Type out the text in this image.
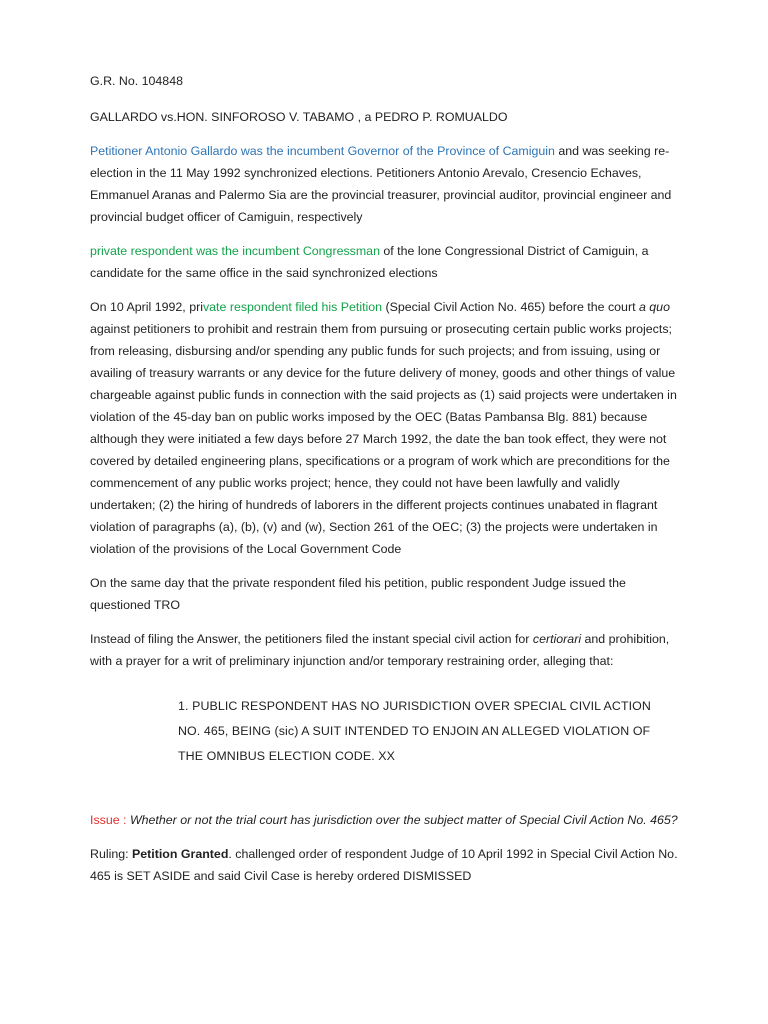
G.R. No. 104848

GALLARDO vs.HON. SINFOROSO V. TABAMO , a PEDRO P. ROMUALDO

Petitioner Antonio Gallardo was the incumbent Governor of the Province of Camiguin and was seeking re-election in the 11 May 1992 synchronized elections. Petitioners Antonio Arevalo, Cresencio Echaves, Emmanuel Aranas and Palermo Sia are the provincial treasurer, provincial auditor, provincial engineer and provincial budget officer of Camiguin, respectively

private respondent was the incumbent Congressman of the lone Congressional District of Camiguin, a candidate for the same office in the said synchronized elections

On 10 April 1992, private respondent filed his Petition (Special Civil Action No. 465) before the court a quo against petitioners to prohibit and restrain them from pursuing or prosecuting certain public works projects; from releasing, disbursing and/or spending any public funds for such projects; and from issuing, using or availing of treasury warrants or any device for the future delivery of money, goods and other things of value chargeable against public funds in connection with the said projects as (1) said projects were undertaken in violation of the 45-day ban on public works imposed by the OEC (Batas Pambansa Blg. 881) because although they were initiated a few days before 27 March 1992, the date the ban took effect, they were not covered by detailed engineering plans, specifications or a program of work which are preconditions for the commencement of any public works project; hence, they could not have been lawfully and validly undertaken; (2) the hiring of hundreds of laborers in the different projects continues unabated in flagrant violation of paragraphs (a), (b), (v) and (w), Section 261 of the OEC; (3) the projects were undertaken in violation of the provisions of the Local Government Code

On the same day that the private respondent filed his petition, public respondent Judge issued the questioned TRO

Instead of filing the Answer, the petitioners filed the instant special civil action for certiorari and prohibition, with a prayer for a writ of preliminary injunction and/or temporary restraining order, alleging that:

1. PUBLIC RESPONDENT HAS NO JURISDICTION OVER SPECIAL CIVIL ACTION NO. 465, BEING (sic) A SUIT INTENDED TO ENJOIN AN ALLEGED VIOLATION OF THE OMNIBUS ELECTION CODE. XX

Issue : Whether or not the trial court has jurisdiction over the subject matter of Special Civil Action No. 465?

Ruling: Petition Granted. challenged order of respondent Judge of 10 April 1992 in Special Civil Action No. 465 is SET ASIDE and said Civil Case is hereby ordered DISMISSED
